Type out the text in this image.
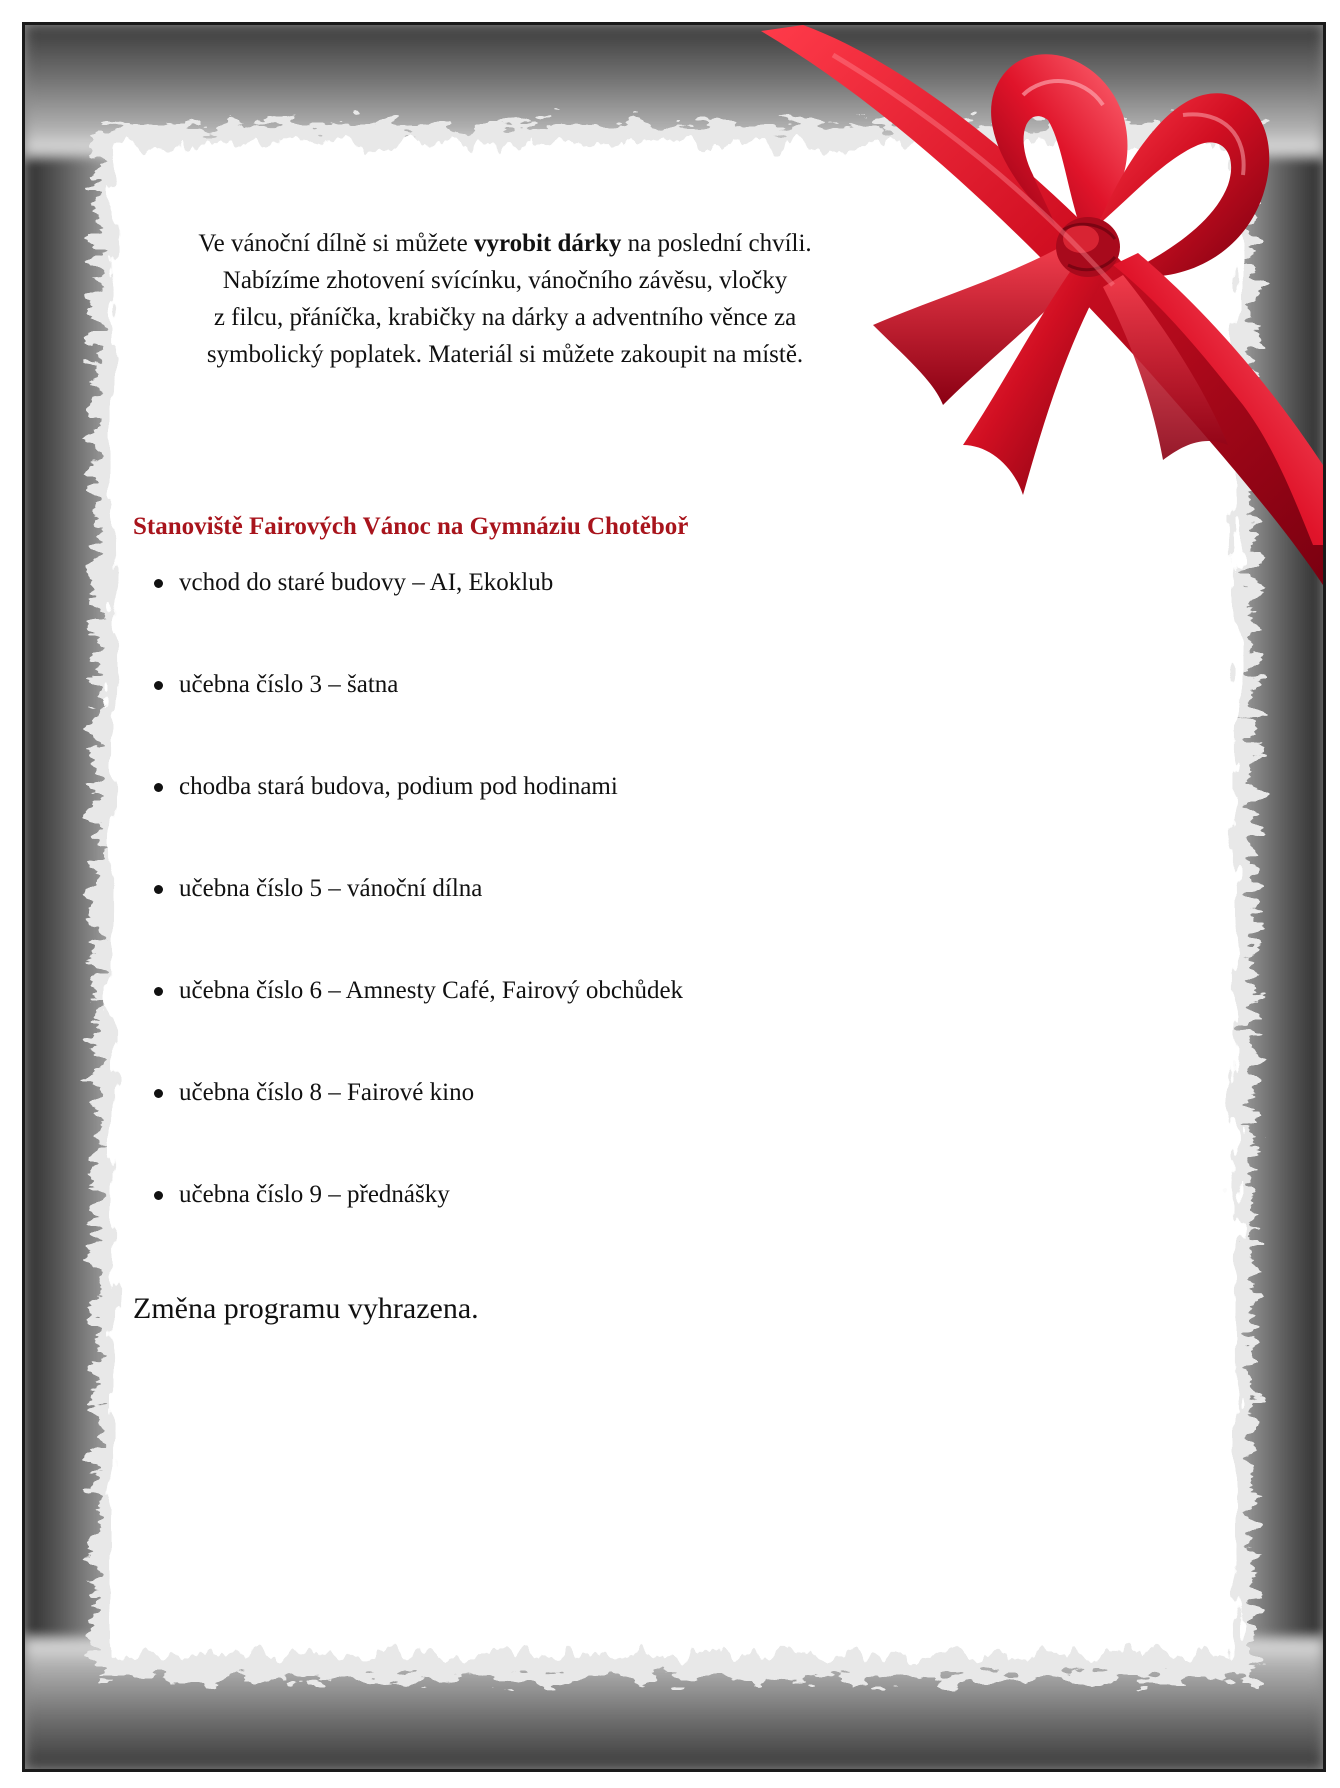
Ve vánoční dílně si můžete vyrobit dárky na poslední chvíli.
Nabízíme zhotovení svícínku, vánočního závěsu, vločky
z filcu, přáníčka, krabičky na dárky a adventního věnce za
symbolický poplatek. Materiál si můžete zakoupit na místě.
Stanoviště Fairových Vánoc na Gymnáziu Chotěboř
vchod do staré budovy – AI, Ekoklub
učebna číslo 3 – šatna
chodba stará budova, podium pod hodinami
učebna číslo 5 – vánoční dílna
učebna číslo 6 – Amnesty Café, Fairový obchůdek
učebna číslo 8 – Fairové kino
učebna číslo 9 – přednášky
Změna programu vyhrazena.
